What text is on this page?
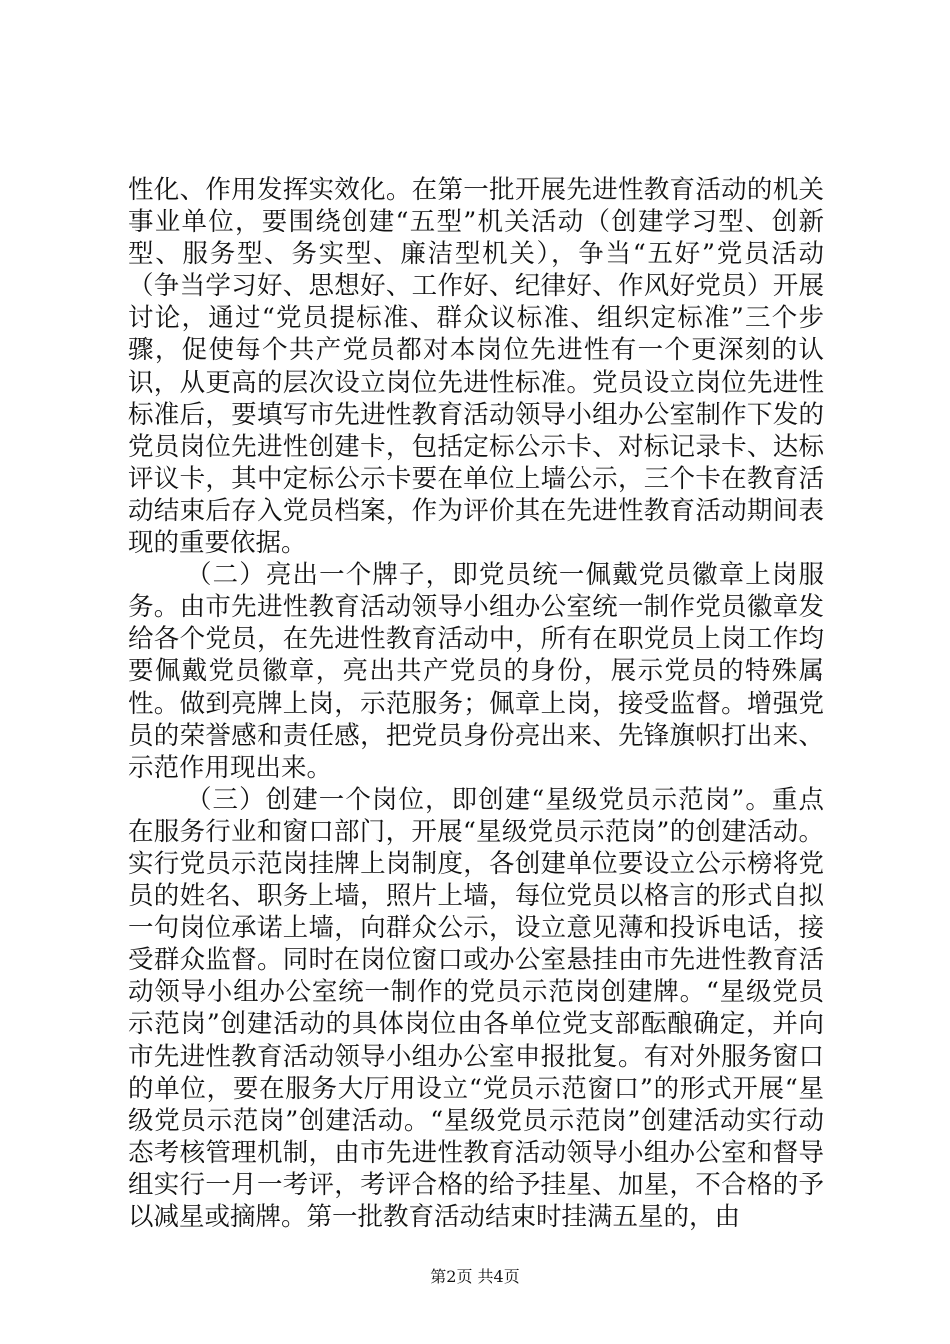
性化、作用发挥实效化。在第一批开展先进性教育活动的机关事业单位，要围绕创建“五型”机关活动（创建学习型、创新型、服务型、务实型、廉洁型机关），争当“五好”党员活动（争当学习好、思想好、工作好、纪律好、作风好党员）开展讨论，通过“党员提标准、群众议标准、组织定标准”三个步骤，促使每个共产党员都对本岗位先进性有一个更深刻的认识，从更高的层次设立岗位先进性标准。党员设立岗位先进性标准后，要填写市先进性教育活动领导小组办公室制作下发的党员岗位先进性创建卡，包括定标公示卡、对标记录卡、达标评议卡，其中定标公示卡要在单位上墙公示，三个卡在教育活动结束后存入党员档案，作为评价其在先进性教育活动期间表现的重要依据。

（二）亮出一个牌子，即党员统一佩戴党员徽章上岗服务。由市先进性教育活动领导小组办公室统一制作党员徽章发给各个党员，在先进性教育活动中，所有在职党员上岗工作均要佩戴党员徽章，亮出共产党员的身份，展示党员的特殊属性。做到亮牌上岗，示范服务；佩章上岗，接受监督。增强党员的荣誉感和责任感，把党员身份亮出来、先锋旗帜打出来、示范作用现出来。

（三）创建一个岗位，即创建“星级党员示范岗”。重点在服务行业和窗口部门，开展“星级党员示范岗”的创建活动。实行党员示范岗挂牌上岗制度，各创建单位要设立公示榜将党员的姓名、职务上墙，照片上墙，每位党员以格言的形式自拟一句岗位承诺上墙，向群众公示，设立意见薄和投诉电话，接受群众监督。同时在岗位窗口或办公室悬挂由市先进性教育活动领导小组办公室统一制作的党员示范岗创建牌。“星级党员示范岗”创建活动的具体岗位由各单位党支部酝酿确定，并向市先进性教育活动领导小组办公室申报批复。有对外服务窗口的单位，要在服务大厅用设立“党员示范窗口”的形式开展“星级党员示范岗”创建活动。“星级党员示范岗”创建活动实行动态考核管理机制，由市先进性教育活动领导小组办公室和督导组实行一月一考评，考评合格的给予挂星、加星，不合格的予以减星或摘牌。第一批教育活动结束时挂满五星的，由

第2页 共4页
